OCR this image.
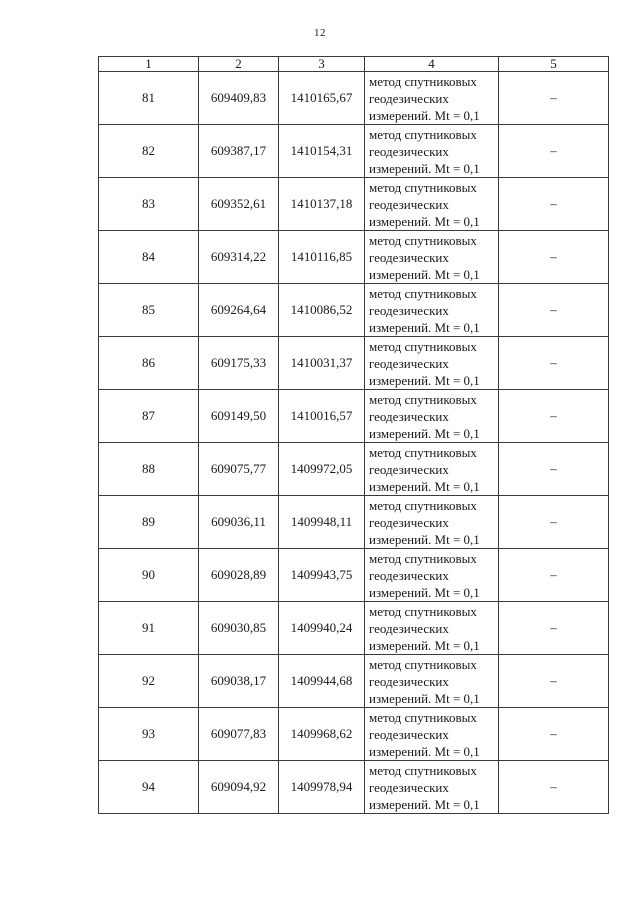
12
1	2	3	4	5
81	609409,83	1410165,67	метод спутниковых
геодезических
измерений. Mt = 0,1	–
82	609387,17	1410154,31	метод спутниковых
геодезических
измерений. Mt = 0,1	–
83	609352,61	1410137,18	метод спутниковых
геодезических
измерений. Mt = 0,1	–
84	609314,22	1410116,85	метод спутниковых
геодезических
измерений. Mt = 0,1	–
85	609264,64	1410086,52	метод спутниковых
геодезических
измерений. Mt = 0,1	–
86	609175,33	1410031,37	метод спутниковых
геодезических
измерений. Mt = 0,1	–
87	609149,50	1410016,57	метод спутниковых
геодезических
измерений. Mt = 0,1	–
88	609075,77	1409972,05	метод спутниковых
геодезических
измерений. Mt = 0,1	–
89	609036,11	1409948,11	метод спутниковых
геодезических
измерений. Mt = 0,1	–
90	609028,89	1409943,75	метод спутниковых
геодезических
измерений. Mt = 0,1	–
91	609030,85	1409940,24	метод спутниковых
геодезических
измерений. Mt = 0,1	–
92	609038,17	1409944,68	метод спутниковых
геодезических
измерений. Mt = 0,1	–
93	609077,83	1409968,62	метод спутниковых
геодезических
измерений. Mt = 0,1	–
94	609094,92	1409978,94	метод спутниковых
геодезических
измерений. Mt = 0,1	–
